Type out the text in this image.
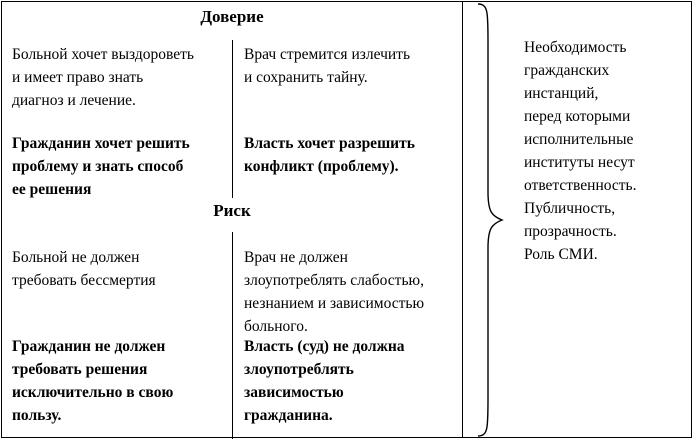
Доверие
Риск
Больной хочет выздороветь
и имеет право знать
диагноз и лечение.
Врач стремится излечить
и сохранить тайну.
Гражданин хочет решить
проблему и знать способ
ее решения
Власть хочет разрешить
конфликт (проблему).
Больной не должен
требовать бессмертия
Врач не должен
злоупотреблять слабостью,
незнанием и зависимостью
больного.
Гражданин не должен
требовать решения
исключительно в свою
пользу.
Власть (суд) не должна
злоупотреблять
зависимостью
гражданина.
Необходимость
гражданских
инстанций,
перед которыми
исполнительные
институты несут
ответственность.
Публичность,
прозрачность.
Роль СМИ.
